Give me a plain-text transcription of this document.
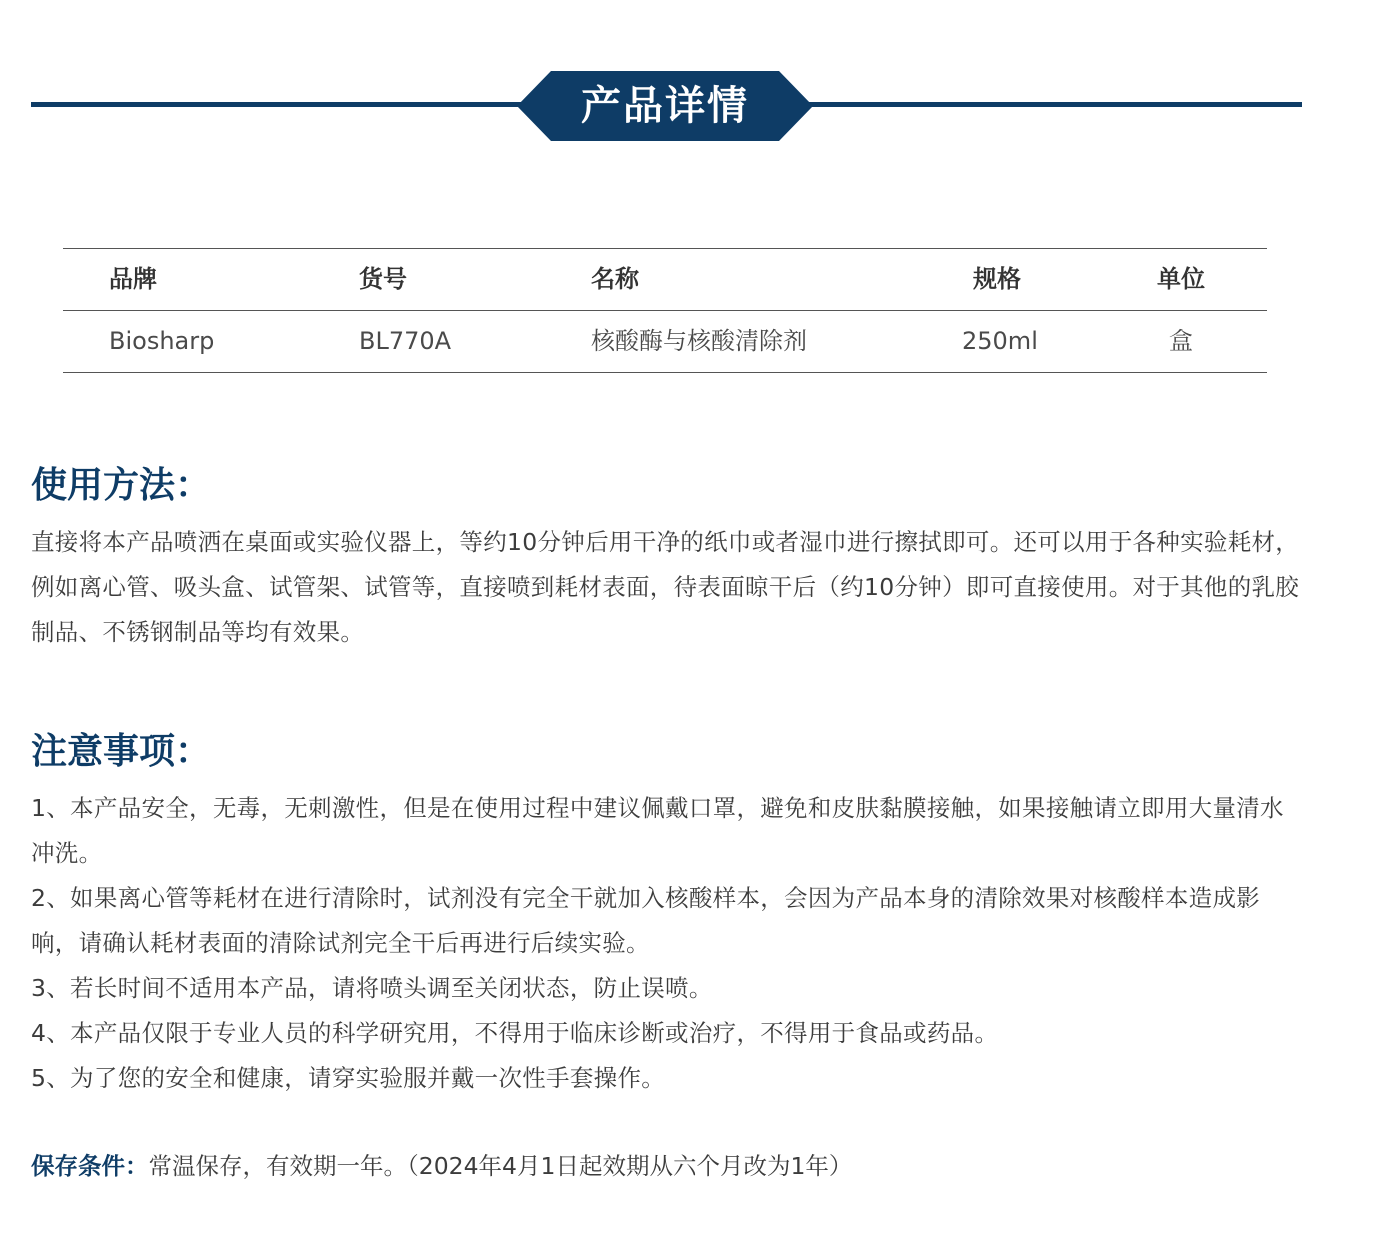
产品详情
品牌	货号	名称	规格	单位
Biosharp	BL770A	核酸酶与核酸清除剂	250ml	盒
使用方法：
直接将本产品喷洒在桌面或实验仪器上，等约10分钟后用干净的纸巾或者湿巾进行擦拭即可。还可以用于各种实验耗材，例如离心管、吸头盒、试管架、试管等，直接喷到耗材表面，待表面晾干后（约10分钟）即可直接使用。对于其他的乳胶制品、不锈钢制品等均有效果。
注意事项：
1、本产品安全，无毒，无刺激性，但是在使用过程中建议佩戴口罩，避免和皮肤黏膜接触，如果接触请立即用大量清水冲洗。
2、如果离心管等耗材在进行清除时，试剂没有完全干就加入核酸样本，会因为产品本身的清除效果对核酸样本造成影响，请确认耗材表面的清除试剂完全干后再进行后续实验。
3、若长时间不适用本产品，请将喷头调至关闭状态，防止误喷。
4、本产品仅限于专业人员的科学研究用，不得用于临床诊断或治疗，不得用于食品或药品。
5、为了您的安全和健康，请穿实验服并戴一次性手套操作。
保存条件：常温保存，有效期一年。（2024年4月1日起效期从六个月改为1年）
